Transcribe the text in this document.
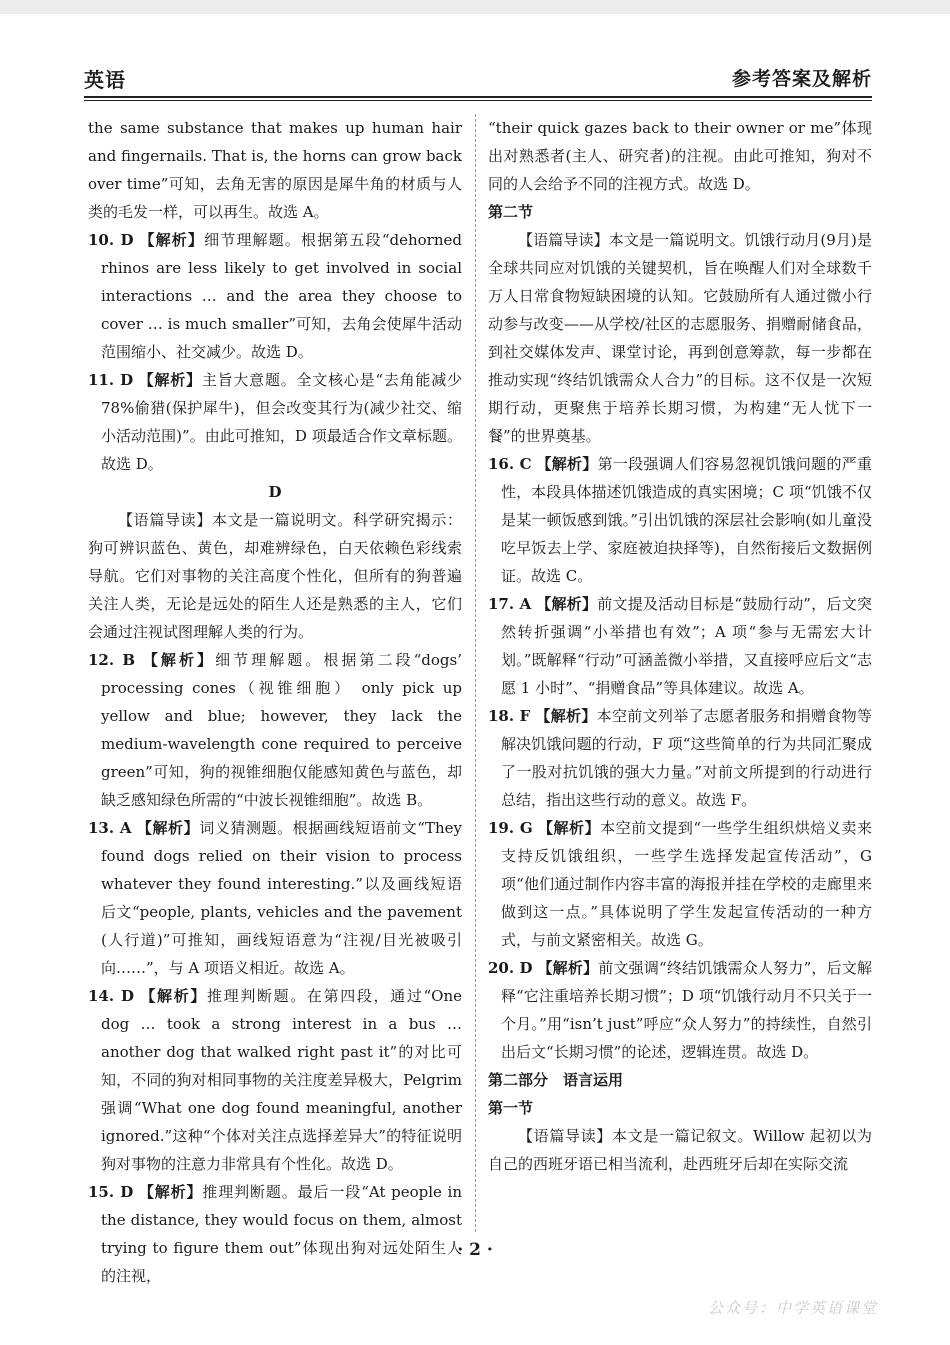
英语	参考答案及解析

the same substance that makes up human hair and fingernails. That is, the horns can grow back over time”可知，去角无害的原因是犀牛角的材质与人类的毛发一样，可以再生。故选 A。

10. D 【解析】细节理解题。根据第五段“dehorned rhinos are less likely to get involved in social interactions … and the area they choose to cover … is much smaller”可知，去角会使犀牛活动范围缩小、社交减少。故选 D。

11. D 【解析】主旨大意题。全文核心是“去角能减少78%偷猎(保护犀牛)，但会改变其行为(减少社交、缩小活动范围)”。由此可推知，D 项最适合作文章标题。故选 D。

D

【语篇导读】本文是一篇说明文。科学研究揭示：狗可辨识蓝色、黄色，却难辨绿色，白天依赖色彩线索导航。它们对事物的关注高度个性化，但所有的狗普遍关注人类，无论是远处的陌生人还是熟悉的主人，它们会通过注视试图理解人类的行为。

12. B 【解析】细节理解题。根据第二段“dogs’ processing cones（视锥细胞） only pick up yellow and blue; however, they lack the medium-wavelength cone required to perceive green”可知，狗的视锥细胞仅能感知黄色与蓝色，却缺乏感知绿色所需的“中波长视锥细胞”。故选 B。

13. A 【解析】词义猜测题。根据画线短语前文“They found dogs relied on their vision to process whatever they found interesting.”以及画线短语后文“people, plants, vehicles and the pavement (人行道)”可推知，画线短语意为“注视/目光被吸引向……”，与 A 项语义相近。故选 A。

14. D 【解析】推理判断题。在第四段，通过“One dog … took a strong interest in a bus … another dog that walked right past it”的对比可知，不同的狗对相同事物的关注度差异极大，Pelgrim 强调“What one dog found meaningful, another ignored.”这种“个体对关注点选择差异大”的特征说明狗对事物的注意力非常具有个性化。故选 D。

15. D 【解析】推理判断题。最后一段“At people in the distance, they would focus on them, almost trying to figure them out”体现出狗对远处陌生人的注视，

“their quick gazes back to their owner or me”体现出对熟悉者(主人、研究者)的注视。由此可推知，狗对不同的人会给予不同的注视方式。故选 D。

第二节

【语篇导读】本文是一篇说明文。饥饿行动月(9月)是全球共同应对饥饿的关键契机，旨在唤醒人们对全球数千万人日常食物短缺困境的认知。它鼓励所有人通过微小行动参与改变——从学校/社区的志愿服务、捐赠耐储食品，到社交媒体发声、课堂讨论，再到创意筹款，每一步都在推动实现“终结饥饿需众人合力”的目标。这不仅是一次短期行动，更聚焦于培养长期习惯，为构建“无人忧下一餐”的世界奠基。

16. C 【解析】第一段强调人们容易忽视饥饿问题的严重性，本段具体描述饥饿造成的真实困境；C 项“饥饿不仅是某一顿饭感到饿。”引出饥饿的深层社会影响(如儿童没吃早饭去上学、家庭被迫抉择等)，自然衔接后文数据例证。故选 C。

17. A 【解析】前文提及活动目标是“鼓励行动”，后文突然转折强调“小举措也有效”；A 项“参与无需宏大计划。”既解释“行动”可涵盖微小举措，又直接呼应后文“志愿 1 小时”、“捐赠食品”等具体建议。故选 A。

18. F 【解析】本空前文列举了志愿者服务和捐赠食物等解决饥饿问题的行动，F 项“这些简单的行为共同汇聚成了一股对抗饥饿的强大力量。”对前文所提到的行动进行总结，指出这些行动的意义。故选 F。

19. G 【解析】本空前文提到“一些学生组织烘焙义卖来支持反饥饿组织，一些学生选择发起宣传活动”，G 项“他们通过制作内容丰富的海报并挂在学校的走廊里来做到这一点。”具体说明了学生发起宣传活动的一种方式，与前文紧密相关。故选 G。

20. D 【解析】前文强调“终结饥饿需众人努力”，后文解释“它注重培养长期习惯”；D 项“饥饿行动月不只关于一个月。”用“isn’t just”呼应“众人努力”的持续性，自然引出后文“长期习惯”的论述，逻辑连贯。故选 D。

第二部分　语言运用

第一节

【语篇导读】本文是一篇记叙文。Willow 起初以为自己的西班牙语已相当流利，赴西班牙后却在实际交流

· 2 ·
公众号：中学英语课堂
